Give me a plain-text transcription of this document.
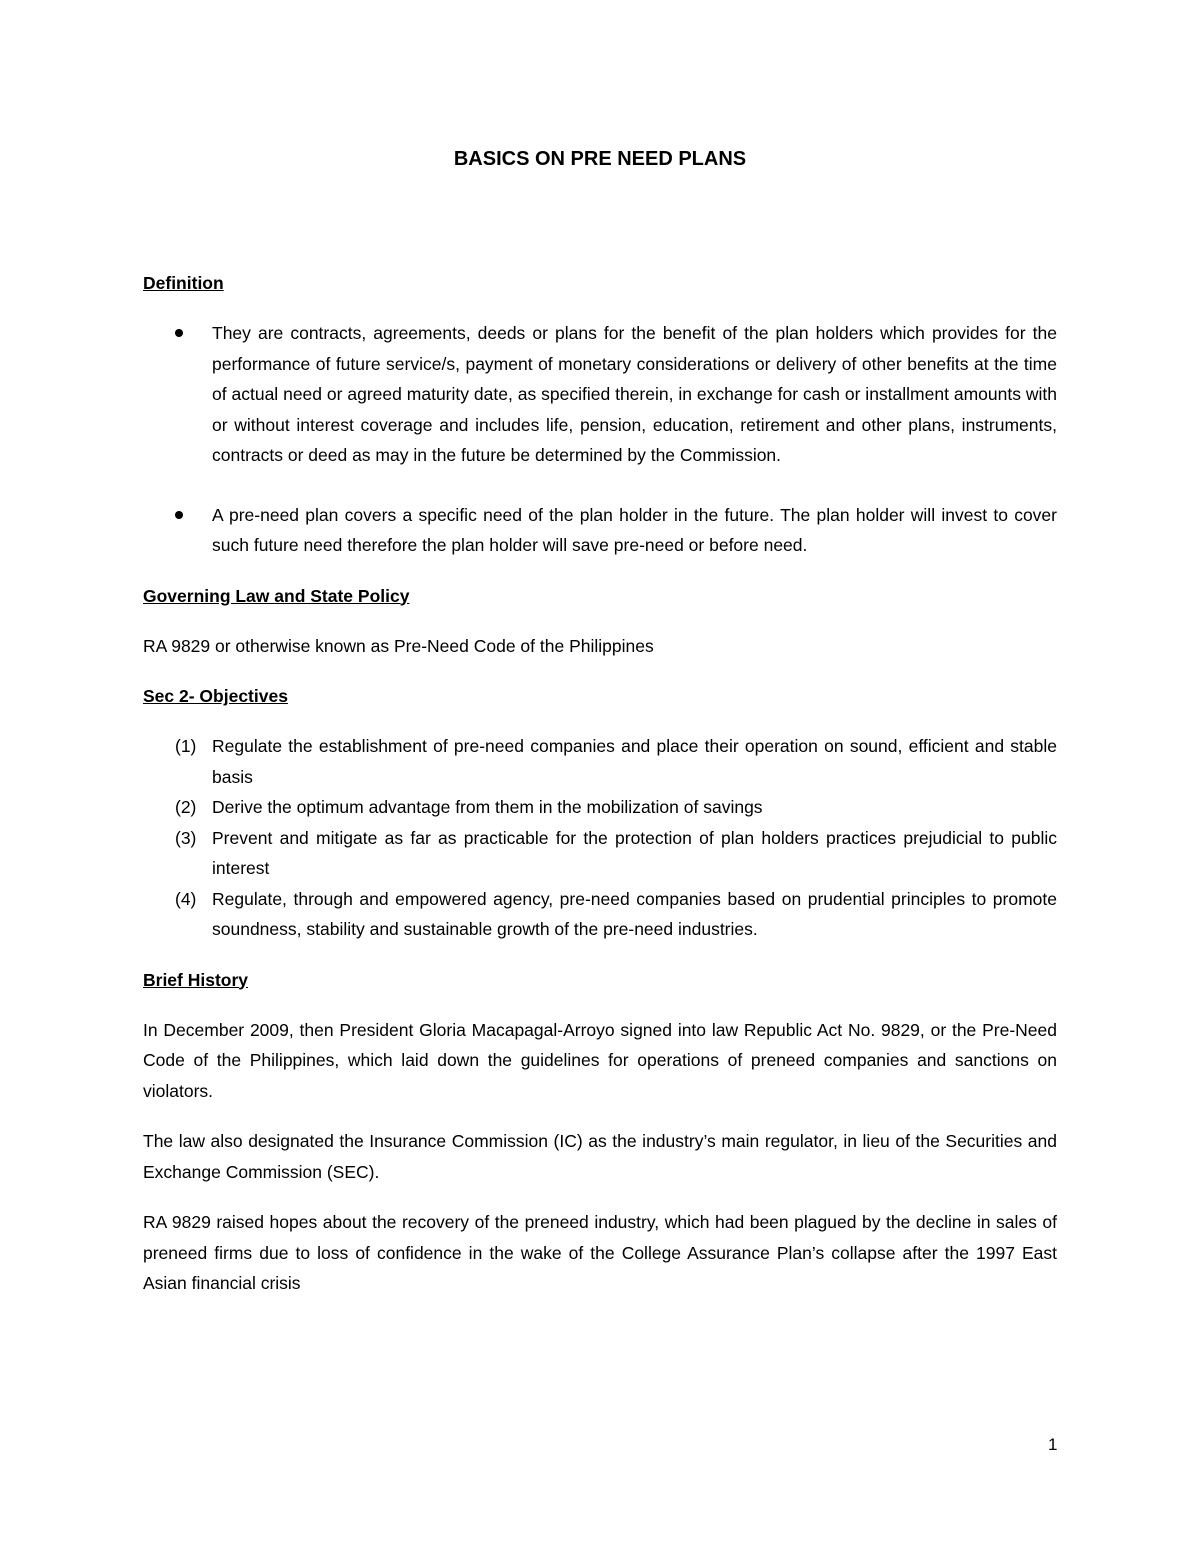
BASICS ON PRE NEED PLANS
Definition
They are contracts, agreements, deeds or plans for the benefit of the plan holders which provides for the performance of future service/s, payment of monetary considerations or delivery of other benefits at the time of actual need or agreed maturity date, as specified therein, in exchange for cash or installment amounts with or without interest coverage and includes life, pension, education, retirement and other plans, instruments, contracts or deed as may in the future be determined by the Commission.
A pre-need plan covers a specific need of the plan holder in the future. The plan holder will invest to cover such future need therefore the plan holder will save pre-need or before need.
Governing Law and State Policy

RA 9829 or otherwise known as Pre-Need Code of the Philippines

Sec 2- Objectives
(1) Regulate the establishment of pre-need companies and place their operation on sound, efficient and stable basis
(2) Derive the optimum advantage from them in the mobilization of savings
(3) Prevent and mitigate as far as practicable for the protection of plan holders practices prejudicial to public interest
(4) Regulate, through and empowered agency, pre-need companies based on prudential principles to promote soundness, stability and sustainable growth of the pre-need industries.
Brief History

In December 2009, then President Gloria Macapagal-Arroyo signed into law Republic Act No. 9829, or the Pre-Need Code of the Philippines, which laid down the guidelines for operations of preneed companies and sanctions on violators.

The law also designated the Insurance Commission (IC) as the industry’s main regulator, in lieu of the Securities and Exchange Commission (SEC).

RA 9829 raised hopes about the recovery of the preneed industry, which had been plagued by the decline in sales of preneed firms due to loss of confidence in the wake of the College Assurance Plan’s collapse after the 1997 East Asian financial crisis

1
